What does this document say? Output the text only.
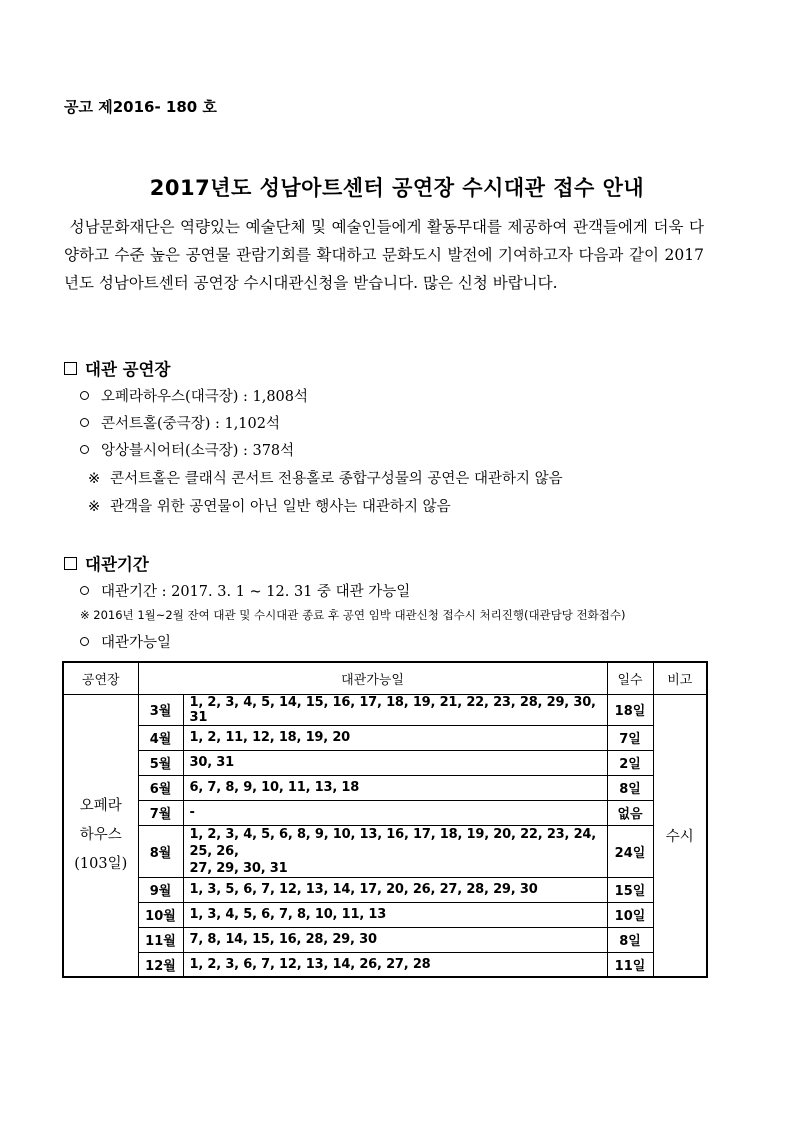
공고 제2016- 180 호
2017년도 성남아트센터 공연장 수시대관 접수 안내
성남문화재단은 역량있는 예술단체 및 예술인들에게 활동무대를 제공하여 관객들에게 더욱 다양하고 수준 높은 공연물 관람기회를 확대하고 문화도시 발전에 기여하고자 다음과 같이 2017년도 성남아트센터 공연장 수시대관신청을 받습니다. 많은 신청 바랍니다.
대관 공연장
오페라하우스(대극장) : 1,808석
콘서트홀(중극장) : 1,102석
앙상블시어터(소극장) : 378석
※ 콘서트홀은 클래식 콘서트 전용홀로 종합구성물의 공연은 대관하지 않음
※ 관객을 위한 공연물이 아닌 일반 행사는 대관하지 않음
대관기간
대관기간 : 2017. 3. 1 ~ 12. 31 중 대관 가능일
※ 2016년 1월~2월 잔여 대관 및 수시대관 종료 후 공연 임박 대관신청 접수시 처리진행(대관담당 전화접수)
대관가능일
공연장	대관가능일		일수	비고

오페라
하우스
(103일)	3월	1, 2, 3, 4, 5, 14, 15, 16, 17, 18, 19, 21, 22, 23, 28, 29, 30, 31	18일	수시
	4월	1, 2, 11, 12, 18, 19, 20	7일	
	5월	30, 31	2일	
	6월	6, 7, 8, 9, 10, 11, 13, 18	8일	
	7월	-	없음	
	8월	1, 2, 3, 4, 5, 6, 8, 9, 10, 13, 16, 17, 18, 19, 20, 22, 23, 24, 25, 26,
27, 29, 30, 31	24일	
	9월	1, 3, 5, 6, 7, 12, 13, 14, 17, 20, 26, 27, 28, 29, 30	15일	
	10월	1, 3, 4, 5, 6, 7, 8, 10, 11, 13	10일	
	11월	7, 8, 14, 15, 16, 28, 29, 30	8일	
	12월	1, 2, 3, 6, 7, 12, 13, 14, 26, 27, 28	11일	
